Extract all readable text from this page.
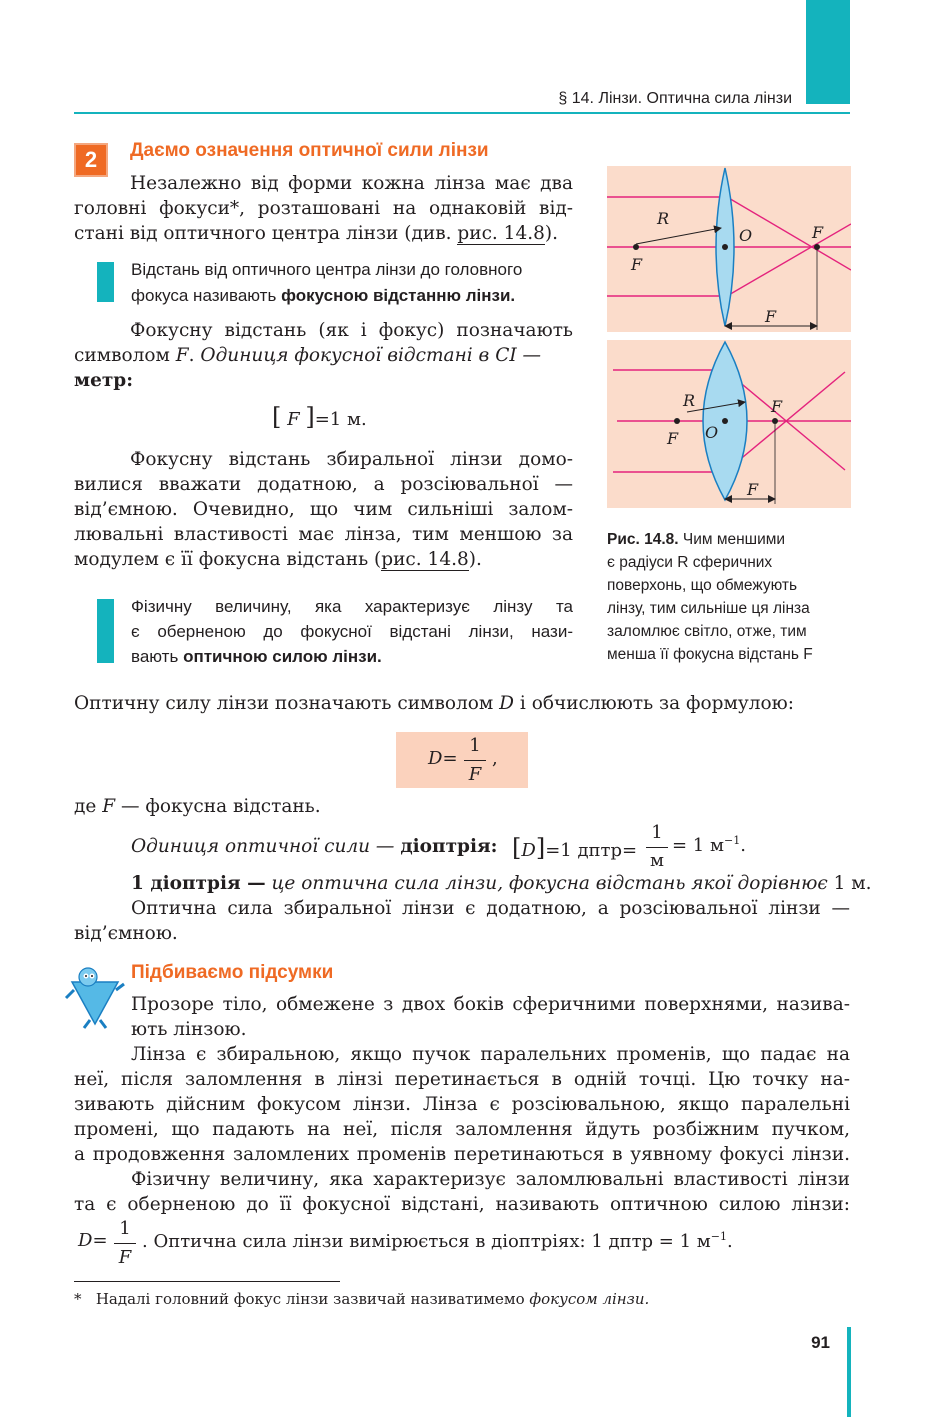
§ 14. Лінзи. Оптична сила лінзи
2	Даємо означення оптичної сили лінзи
Незалежно від форми кожна лінза має два
головні фокуси*, розташовані на однаковій від-
стані від оптичного центра лінзи (див. рис. 14.8).
Відстань від оптичного центра лінзи до головного
фокуса називають фокусною відстанню лінзи.
Фокусну відстань (як і фокус) позначають
символом F. Одиниця фокусної відстані в СІ —
метр:
[ F ]=1 м.
Фокусну відстань збиральної лінзи домо-
вилися вважати додатною, а розсіювальної —
від’ємною. Очевидно, що чим сильніші залом-
лювальні властивості має лінза, тим меншою за
модулем є її фокусна відстань (рис. 14.8).
Фізичну величину, яка характеризує лінзу та
є оберненою до фокусної відстані лінзи, нази-
вають оптичною силою лінзи.
R
O	F
F
F
R
O
F
F
F
Рис. 14.8. Чим меншими
є радіуси R сферичних
поверхонь, що обмежують
лінзу, тим сильніше ця лінза
заломлює світло, отже, тим
менша її фокусна відстань F
Оптичну силу лінзи позначають символом D і обчислюють за формулою:
D=
1
F
,
де F — фокусна відстань.
Одиниця оптичної сили — діоптрія: [D]=1 дптр=
1
м
= 1 $м^{-1}$.
1 діоптрія — це оптична сила лінзи, фокусна відстань якої дорівнює 1 м.
Оптична сила збиральної лінзи є додатною, а розсіювальної лінзи —
від’ємною.
Підбиваємо підсумки
Прозоре тіло, обмежене з двох боків сферичними поверхнями, назива-
ють лінзою.
Лінза є збиральною, якщо пучок паралельних променів, що падає на
неї, після заломлення в лінзі перетинається в одній точці. Цю точку на-
зивають дійсним фокусом лінзи. Лінза є розсіювальною, якщо паралельні
промені, що падають на неї, після заломлення йдуть розбіжним пучком,
а продовження заломлених променів перетинаються в уявному фокусі лінзи.
Фізичну величину, яка характеризує заломлювальні властивості лінзи
та є оберненою до її фокусної відстані, називають оптичною силою лінзи:
D=
1
F
. Оптична сила лінзи вимірюється в діоптріях: 1 дптр = 1 $м^{-1}$.
* Надалі головний фокус лінзи зазвичай називатимемо фокусом лінзи.
91
